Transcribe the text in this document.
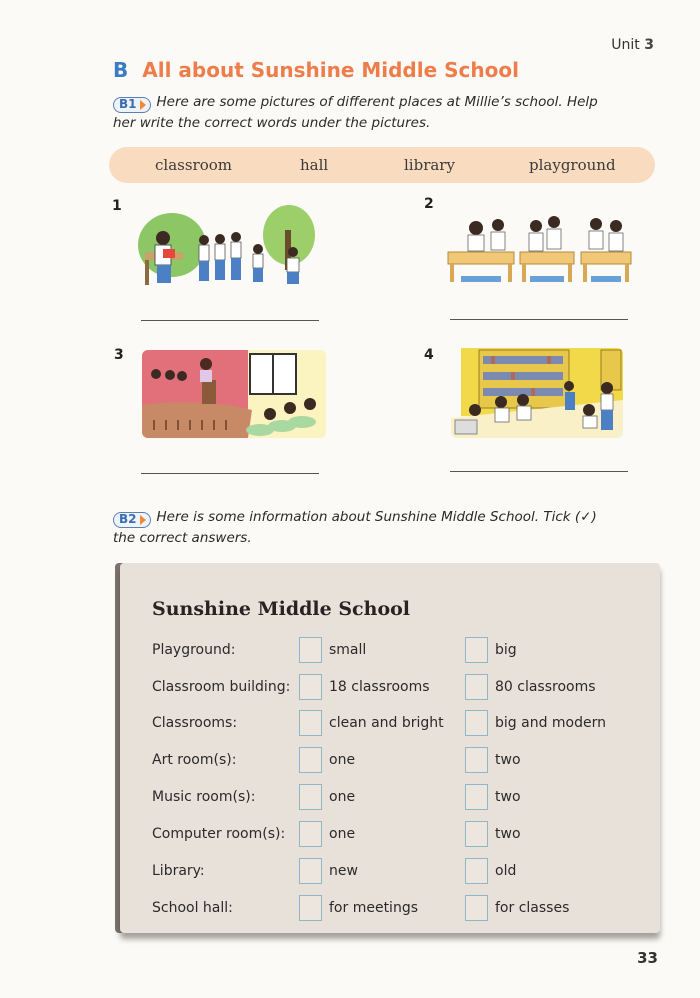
Unit 3
B All about Sunshine Middle School
B1 Here are some pictures of different places at Millie’s school. Help her write the correct words under the pictures.
classroom	hall	library	playground
1	2
3	4
B2 Here is some information about Sunshine Middle School. Tick (✓) the correct answers.
Sunshine Middle School
Playground:	small	big
Classroom building:	18 classrooms	80 classrooms
Classrooms:	clean and bright	big and modern
Art room(s):	one	two
Music room(s):	one	two
Computer room(s):	one	two
Library:	new	old
School hall:	for meetings	for classes
33
